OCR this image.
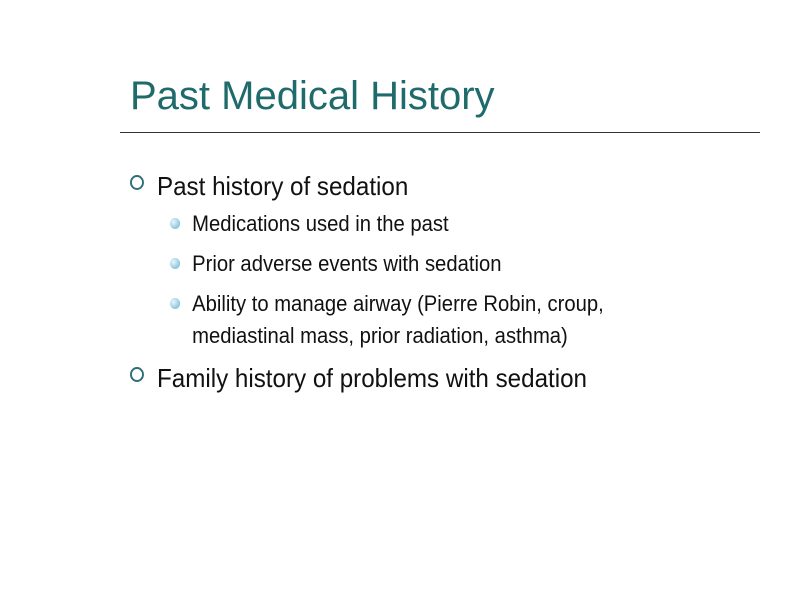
Past Medical History
Past history of sedation
Medications used in the past
Prior adverse events with sedation
Ability to manage airway (Pierre Robin, croup,
mediastinal mass, prior radiation, asthma)
Family history of problems with sedation
